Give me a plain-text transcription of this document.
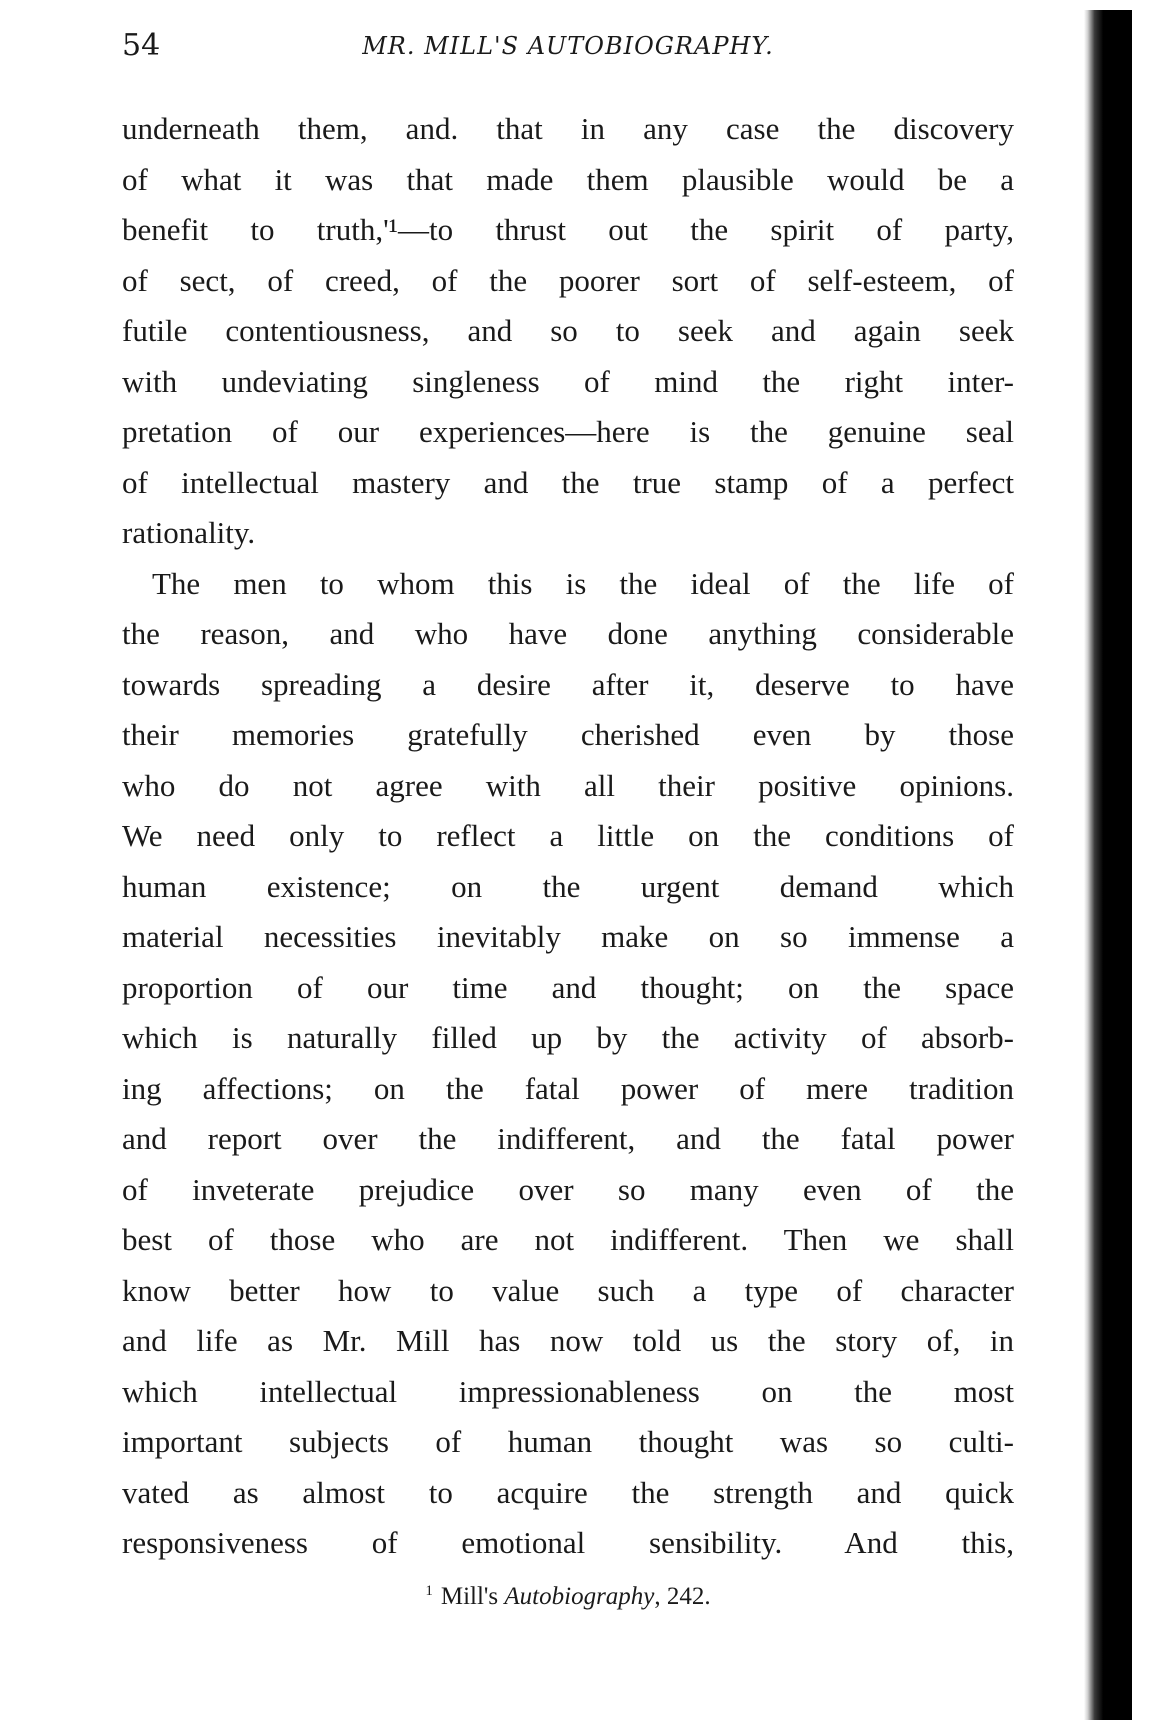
54	MR. MILL'S AUTOBIOGRAPHY.
underneath them, and. that in any case the discovery
of what it was that made them plausible would be a
benefit to truth,'¹—to thrust out the spirit of party,
of sect, of creed, of the poorer sort of self-esteem, of
futile contentiousness, and so to seek and again seek
with undeviating singleness of mind the right inter-
pretation of our experiences—here is the genuine seal
of intellectual mastery and the true stamp of a perfect
rationality.
The men to whom this is the ideal of the life of
the reason, and who have done anything considerable
towards spreading a desire after it, deserve to have
their memories gratefully cherished even by those
who do not agree with all their positive opinions.
We need only to reflect a little on the conditions of
human existence; on the urgent demand which
material necessities inevitably make on so immense a
proportion of our time and thought; on the space
which is naturally filled up by the activity of absorb-
ing affections; on the fatal power of mere tradition
and report over the indifferent, and the fatal power
of inveterate prejudice over so many even of the
best of those who are not indifferent. Then we shall
know better how to value such a type of character
and life as Mr. Mill has now told us the story of, in
which intellectual impressionableness on the most
important subjects of human thought was so culti-
vated as almost to acquire the strength and quick
responsiveness of emotional sensibility. And this,
$^1$ Mill's Autobiography, 242.
